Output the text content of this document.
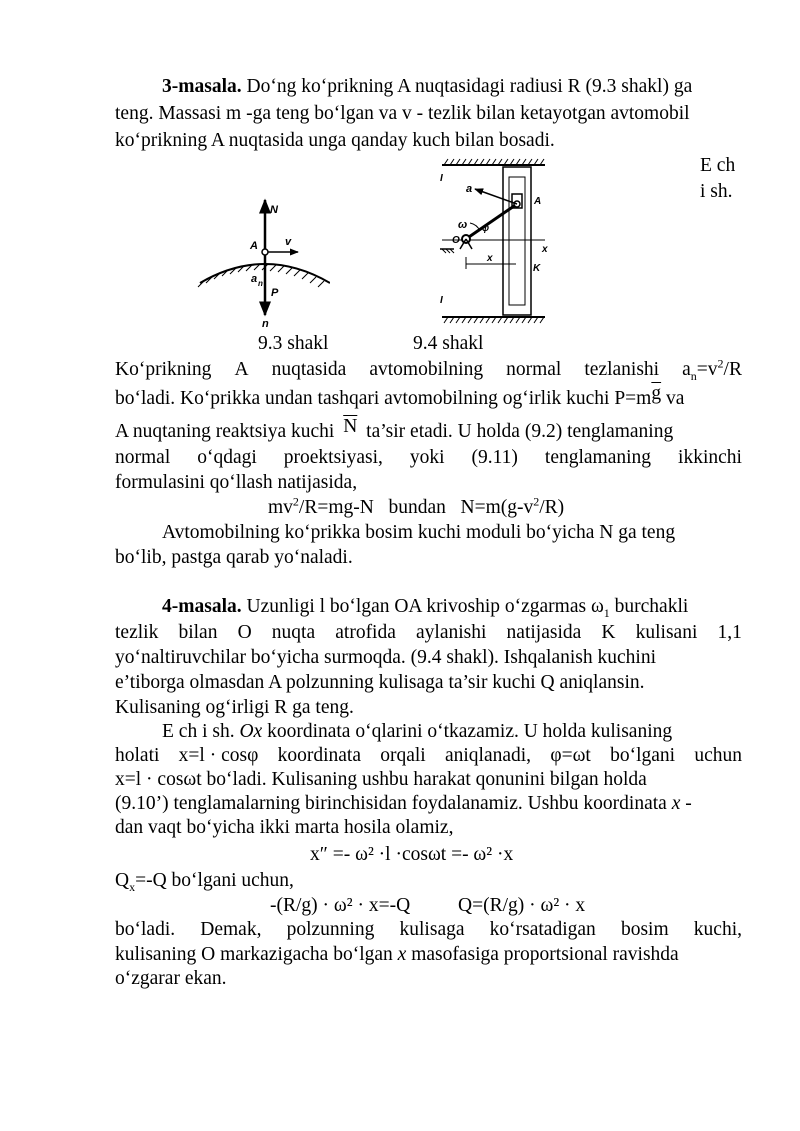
3-masala. Do‘ng ko‘prikning A nuqtasidagi radiusi R (9.3 shakl) ga
teng. Massasi m -ga teng bo‘lgan va v - tezlik bilan ketayotgan avtomobil
ko‘prikning A nuqtasida unga qanday kuch bilan bosadi.
E ch
i sh.
N
A v
a n
P
n
I
I
a
A
ω
O
φ
x
x
K
9.3 shakl	9.4 shakl
Ko‘prikning A nuqtasida avtomobilning normal tezlanishi $a_n=v^2/R$
bo‘ladi. Ko‘prikka undan tashqari avtomobilning og‘irlik kuchi $P=m\overline{g}$ va
A nuqtaning reaktsiya kuchi $\overline{N}$ ta’sir etadi. U holda (9.2) tenglamaning
normal o‘qdagi proektsiyasi, yoki (9.11) tenglamaning ikkinchi
formulasini qo‘llash natijasida,
$mv^2/R=mg-N$   bundan   $N=m(g-v^2/R)$
Avtomobilning ko‘prikka bosim kuchi moduli bo‘yicha N ga teng
bo‘lib, pastga qarab yo‘naladi.
4-masala. Uzunligi l bo‘lgan OA krivoship o‘zgarmas $\omega_1$ burchakli
tezlik bilan O nuqta atrofida aylanishi natijasida K kulisani 1,1
yo‘naltiruvchilar bo‘yicha surmoqda. (9.4 shakl). Ishqalanish kuchini
e’tiborga olmasdan A polzunning kulisaga ta’sir kuchi Q aniqlansin.
Kulisaning og‘irligi R ga teng.
E ch i sh. Ox koordinata o‘qlarini o‘tkazamiz. U holda kulisaning
holati x=l · cosφ koordinata orqali aniqlanadi, φ=ωt bo‘lgani uchun
x=l · cosωt bo‘ladi. Kulisaning ushbu harakat qonunini bilgan holda
(9.10’) tenglamalarning birinchisidan foydalanamiz. Ushbu koordinata x -
dan vaqt bo‘yicha ikki marta hosila olamiz,
x″ =- ω² ·l ·cosωt =- ω² ·x
$Q_x=-Q$ bo‘lgani uchun,
-(R/g) · ω² · x=-Q	Q=(R/g) · ω² · x
bo‘ladi. Demak, polzunning kulisaga ko‘rsatadigan bosim kuchi,
kulisaning O markazigacha bo‘lgan x masofasiga proportsional ravishda
o‘zgarar ekan.
